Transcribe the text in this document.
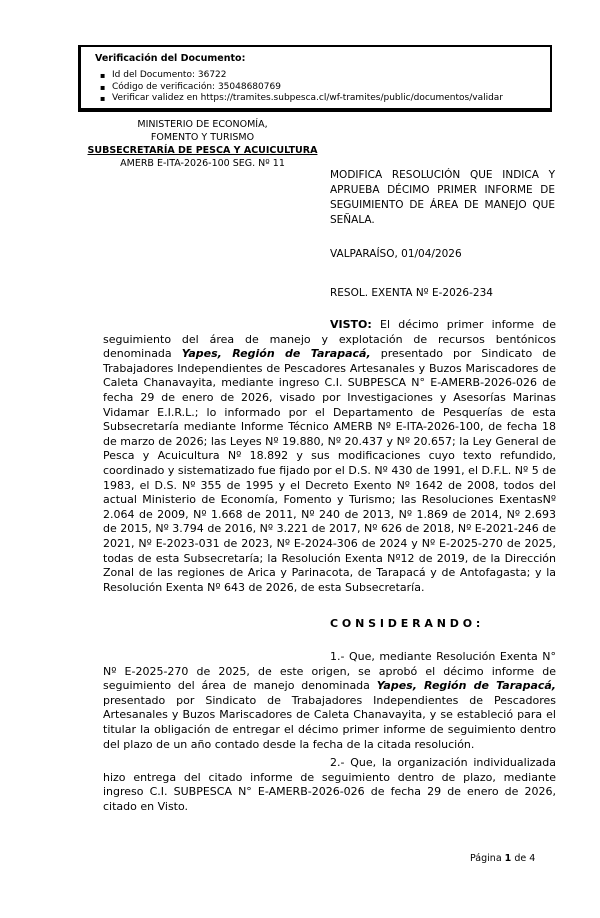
Verificación del Documento:
▪ Id del Documento: 36722
▪ Código de verificación: 35048680769
▪ Verificar validez en https://tramites.subpesca.cl/wf-tramites/public/documentos/validar
MINISTERIO DE ECONOMÍA,
FOMENTO Y TURISMO
SUBSECRETARÍA DE PESCA Y ACUICULTURA
AMERB E-ITA-2026-100 SEG. Nº 11
MODIFICA RESOLUCIÓN QUE INDICA Y APRUEBA DÉCIMO PRIMER INFORME DE SEGUIMIENTO DE ÁREA DE MANEJO QUE SEÑALA.
VALPARAÍSO, 01/04/2026
RESOL. EXENTA Nº E-2026-234

VISTO: El décimo primer informe de seguimiento del área de manejo y explotación de recursos bentónicos denominada Yapes, Región de Tarapacá, presentado por Sindicato de Trabajadores Independientes de Pescadores Artesanales y Buzos Mariscadores de Caleta Chanavayita, mediante ingreso C.I. SUBPESCA N° E-AMERB-2026-026 de fecha 29 de enero de 2026, visado por Investigaciones y Asesorías Marinas Vidamar E.I.R.L.; lo informado por el Departamento de Pesquerías de esta Subsecretaría mediante Informe Técnico AMERB Nº E-ITA-2026-100, de fecha 18 de marzo de 2026; las Leyes Nº 19.880, Nº 20.437 y Nº 20.657; la Ley General de Pesca y Acuicultura Nº 18.892 y sus modificaciones cuyo texto refundido, coordinado y sistematizado fue fijado por el D.S. Nº 430 de 1991, el D.F.L. Nº 5 de 1983, el D.S. Nº 355 de 1995 y el Decreto Exento Nº 1642 de 2008, todos del actual Ministerio de Economía, Fomento y Turismo; las Resoluciones ExentasNº 2.064 de 2009, Nº 1.668 de 2011, Nº 240 de 2013, Nº 1.869 de 2014, Nº 2.693 de 2015, Nº 3.794 de 2016, Nº 3.221 de 2017, Nº 626 de 2018, Nº E-2021-246 de 2021, Nº E-2023-031 de 2023, Nº E-2024-306 de 2024 y Nº E-2025-270 de 2025, todas de esta Subsecretaría; la Resolución Exenta Nº12 de 2019, de la Dirección Zonal de las regiones de Arica y Parinacota, de Tarapacá y de Antofagasta; y la Resolución Exenta Nº 643 de 2026, de esta Subsecretaría.

C O N S I D E R A N D O :

1.- Que, mediante Resolución Exenta N° Nº E-2025-270 de 2025, de este origen, se aprobó el décimo informe de seguimiento del área de manejo denominada Yapes, Región de Tarapacá, presentado por Sindicato de Trabajadores Independientes de Pescadores Artesanales y Buzos Mariscadores de Caleta Chanavayita, y se estableció para el titular la obligación de entregar el décimo primer informe de seguimiento dentro del plazo de un año contado desde la fecha de la citada resolución.

2.- Que, la organización individualizada hizo entrega del citado informe de seguimiento dentro de plazo, mediante ingreso C.I. SUBPESCA N° E-AMERB-2026-026 de fecha 29 de enero de 2026, citado en Visto.

Página 1 de 4
